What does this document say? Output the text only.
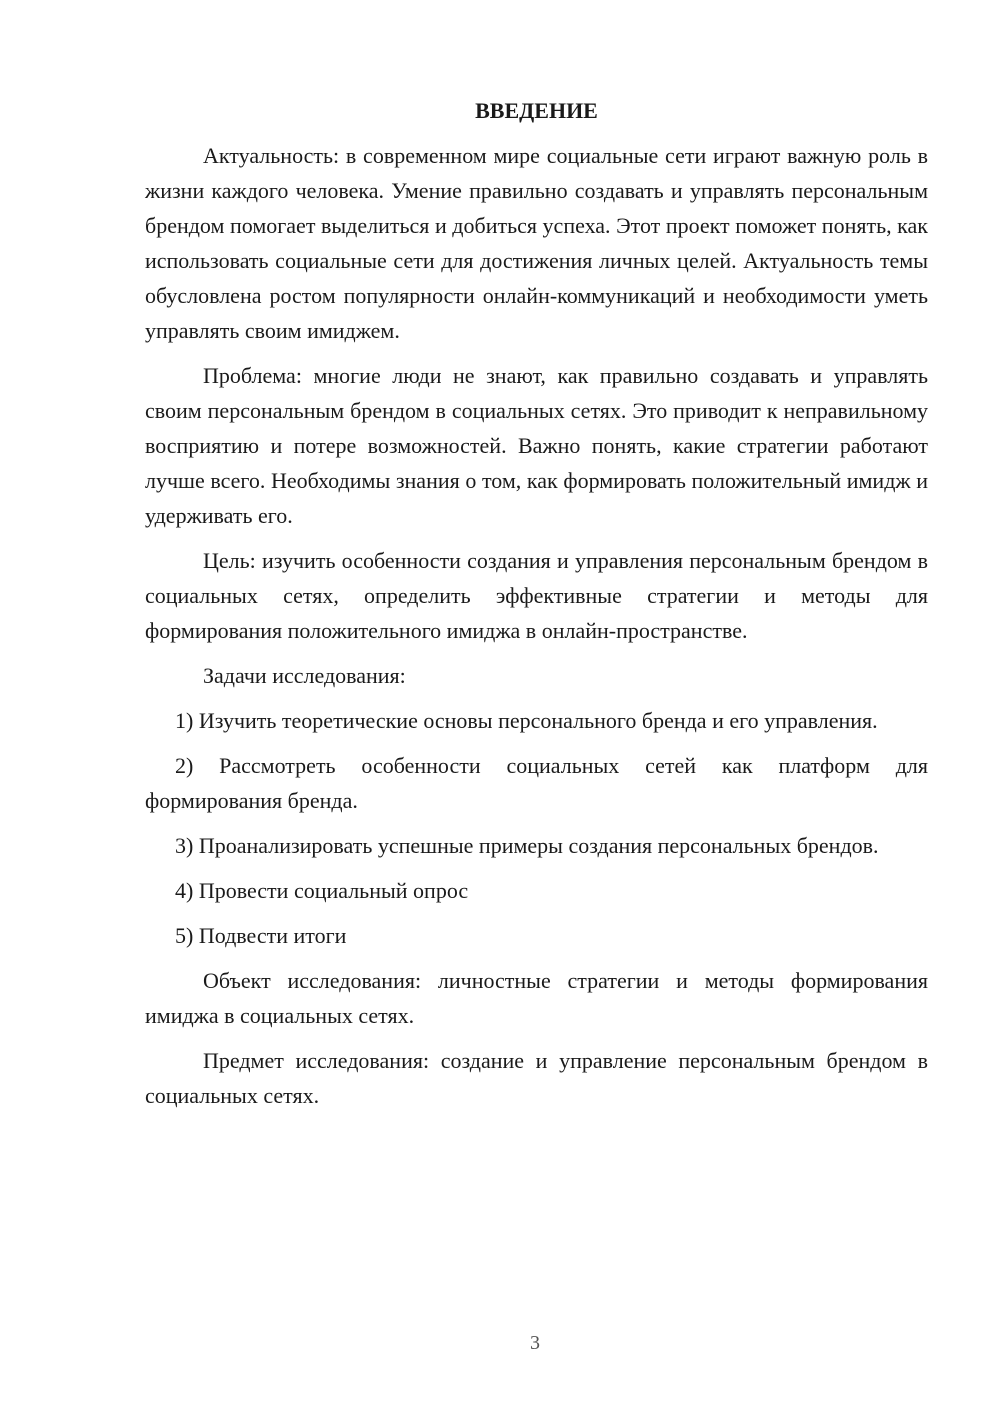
ВВЕДЕНИЕ

Актуальность: в современном мире социальные сети играют важную роль в жизни каждого человека. Умение правильно создавать и управлять персональным брендом помогает выделиться и добиться успеха. Этот проект поможет понять, как использовать социальные сети для достижения личных целей. Актуальность темы обусловлена ростом популярности онлайн-коммуникаций и необходимости уметь управлять своим имиджем.

Проблема: многие люди не знают, как правильно создавать и управлять своим персональным брендом в социальных сетях. Это приводит к неправильному восприятию и потере возможностей. Важно понять, какие стратегии работают лучше всего. Необходимы знания о том, как формировать положительный имидж и удерживать его.

Цель: изучить особенности создания и управления персональным брендом в социальных сетях, определить эффективные стратегии и методы для формирования положительного имиджа в онлайн-пространстве.

Задачи исследования:

1) Изучить теоретические основы персонального бренда и его управления.

2) Рассмотреть особенности социальных сетей как платформ для формирования бренда.

3) Проанализировать успешные примеры создания персональных брендов.

4) Провести социальный опрос

5) Подвести итоги

Объект исследования: личностные стратегии и методы формирования имиджа в социальных сетях.

Предмет исследования: создание и управление персональным брендом в социальных сетях.

3
